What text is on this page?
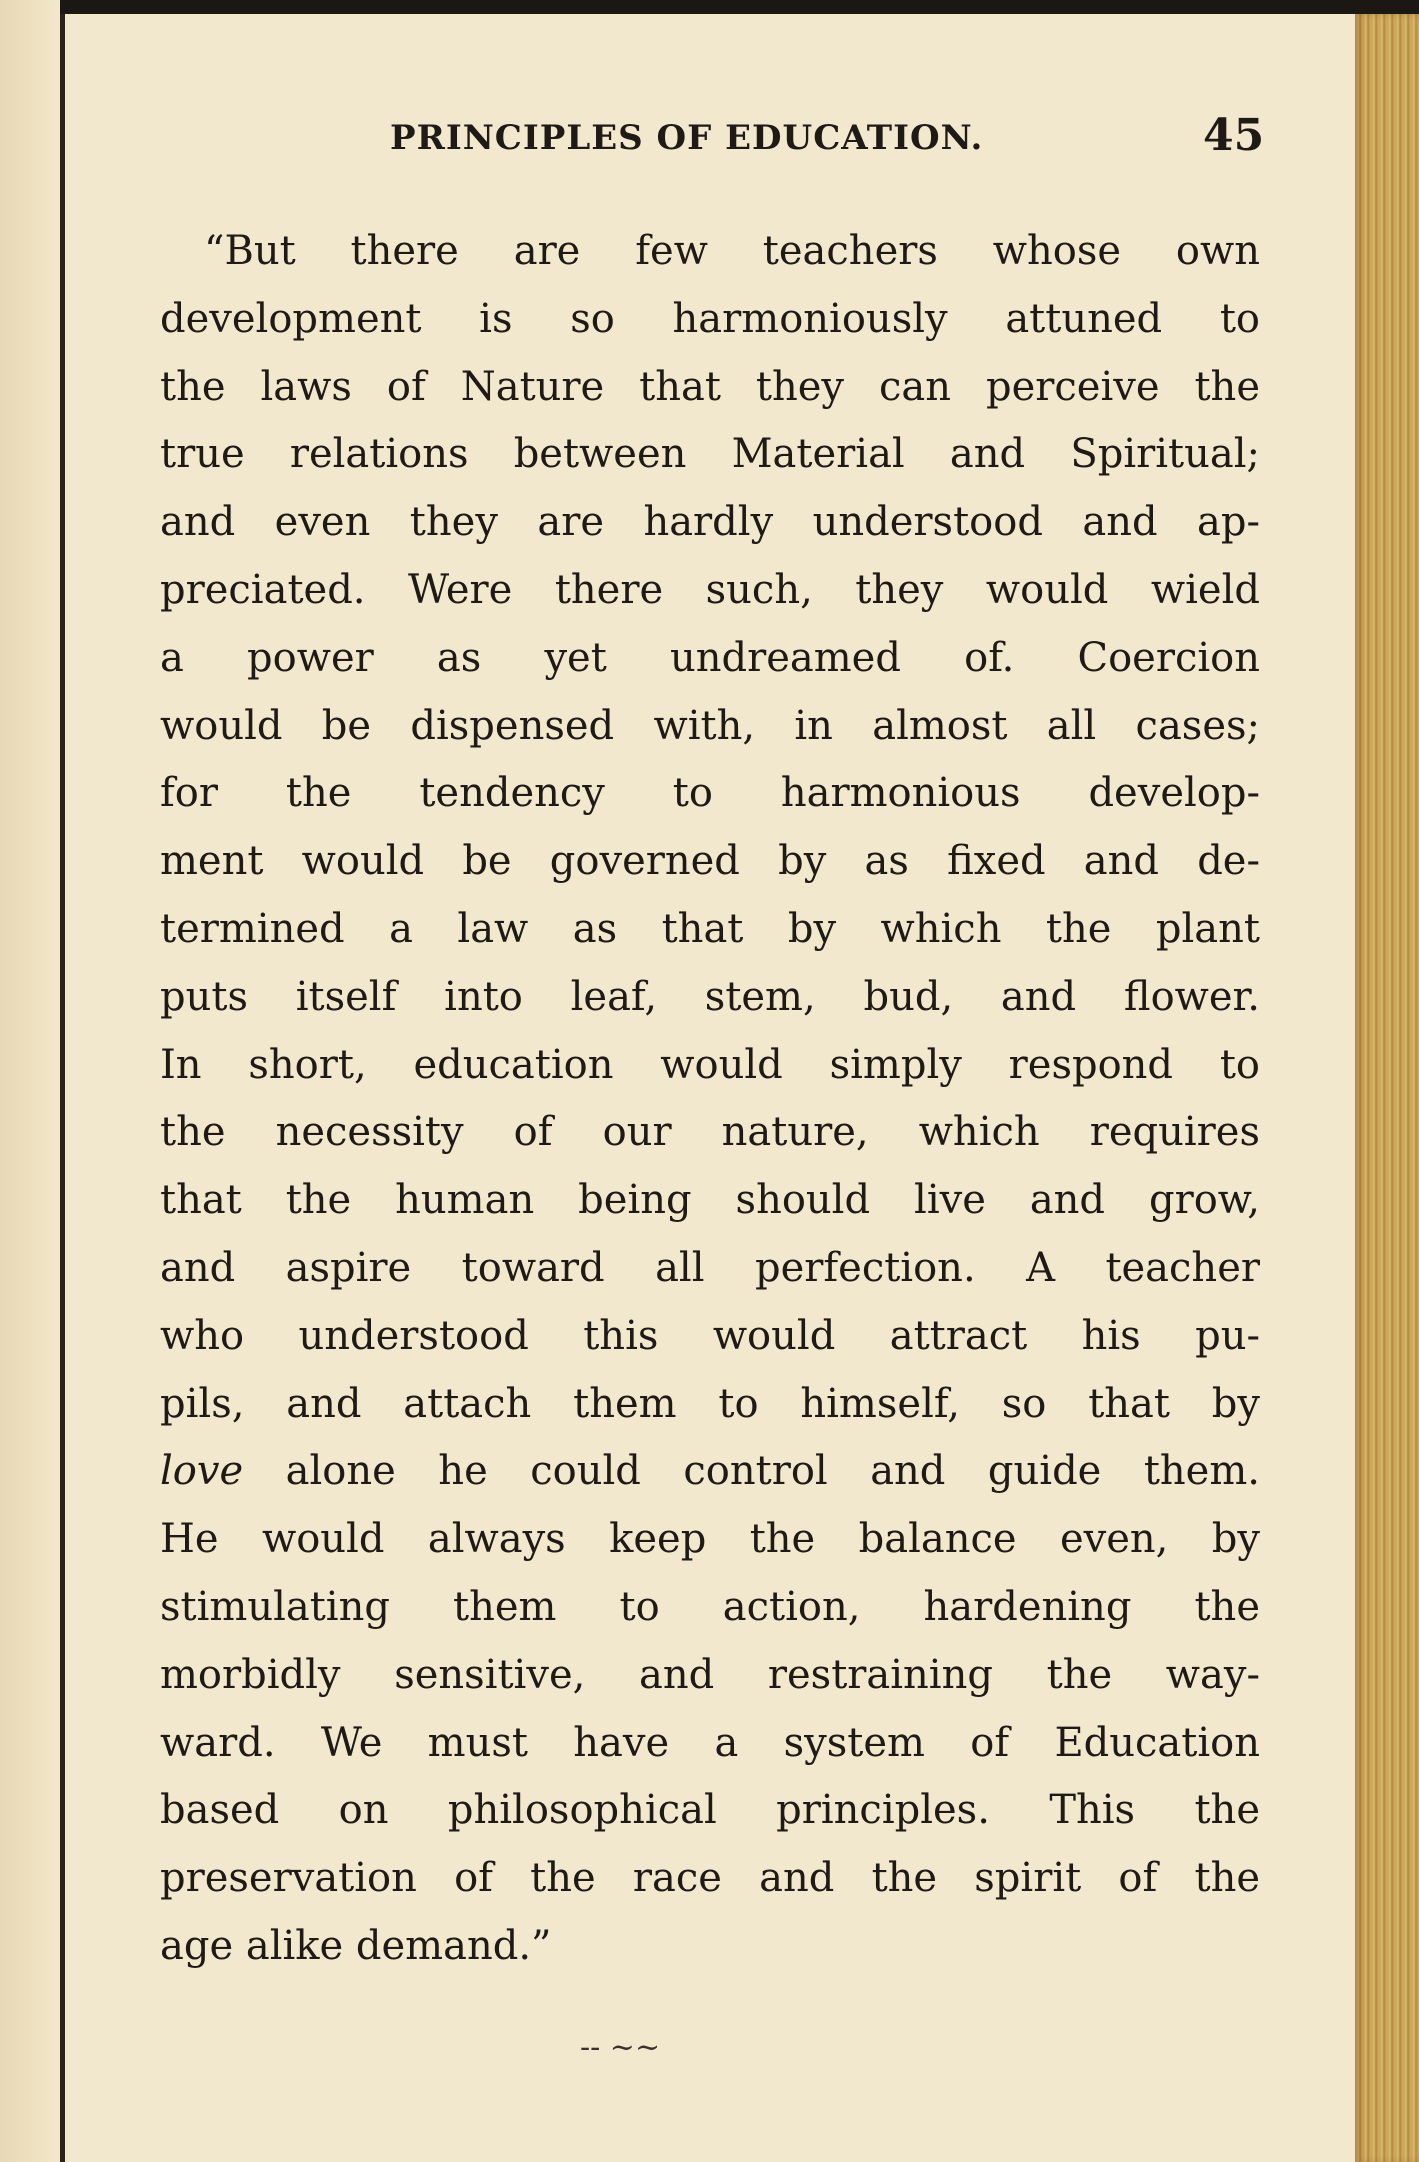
PRINCIPLES OF EDUCATION.	45
“But there are few teachers whose own
development is so harmoniously attuned to
the laws of Nature that they can perceive the
true relations between Material and Spiritual;
and even they are hardly understood and ap-
preciated. Were there such, they would wield
a power as yet undreamed of. Coercion
would be dispensed with, in almost all cases;
for the tendency to harmonious develop-
ment would be governed by as fixed and de-
termined a law as that by which the plant
puts itself into leaf, stem, bud, and flower.
In short, education would simply respond to
the necessity of our nature, which requires
that the human being should live and grow,
and aspire toward all perfection. A teacher
who understood this would attract his pu-
pils, and attach them to himself, so that by
love alone he could control and guide them.
He would always keep the balance even, by
stimulating them to action, hardening the
morbidly sensitive, and restraining the way-
ward. We must have a system of Education
based on philosophical principles. This the
preservation of the race and the spirit of the
age alike demand.”
-- ~~
